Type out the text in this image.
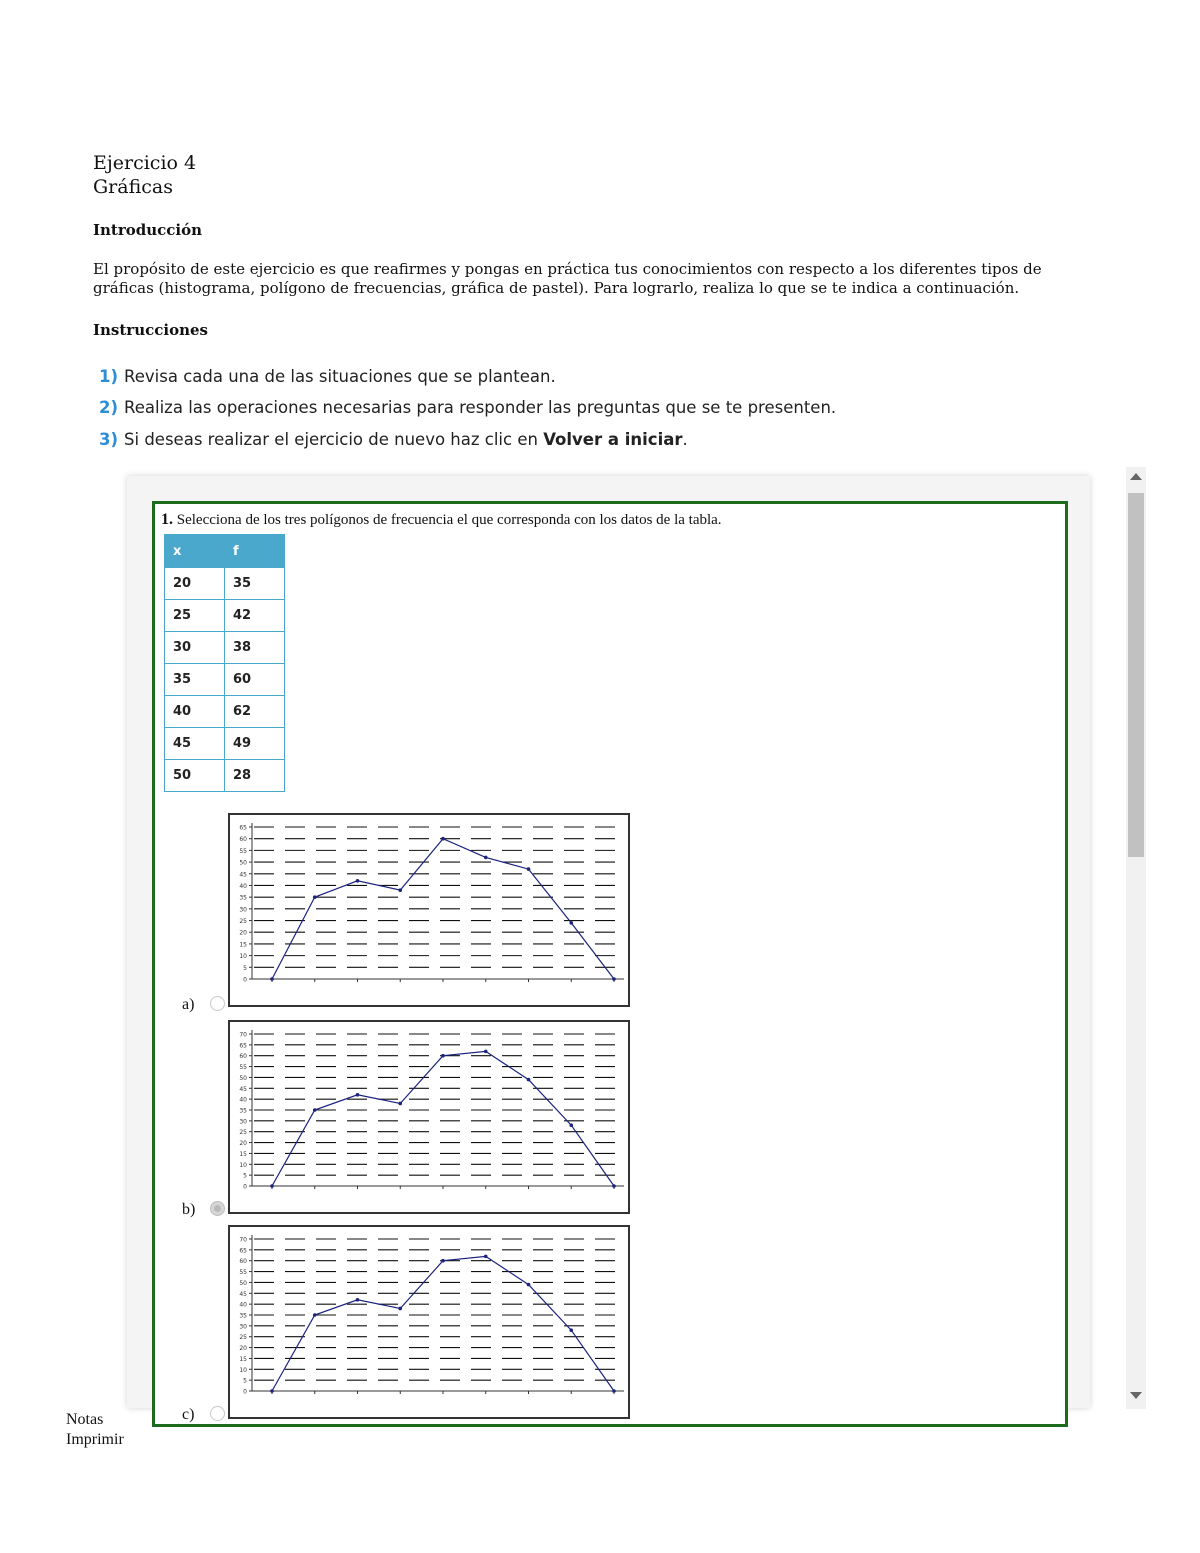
Ejercicio 4
Gráficas
Introducción
El propósito de este ejercicio es que reafirmes y pongas en práctica tus conocimientos con respecto a los diferentes tipos de gráficas (histograma, polígono de frecuencias, gráfica de pastel). Para lograrlo, realiza lo que se te indica a continuación.
Instrucciones
1) Revisa cada una de las situaciones que se plantean.
2) Realiza las operaciones necesarias para responder las preguntas que se te presenten.
3) Si deseas realizar el ejercicio de nuevo haz clic en Volver a iniciar.
1. Selecciona de los tres polígonos de frecuencia el que corresponda con los datos de la tabla.
x	f
20	35
25	42
30	38
35	60
40	62
45	49
50	28
a)
0
5
10
15
20
25
30
35
40
45
50
55
60
65
b)
0
5
10
15
20
25
30
35
40
45
50
55
60
65
70
c)
0
5
10
15
20
25
30
35
40
45
50
55
60
65
70
Notas
Imprimir
